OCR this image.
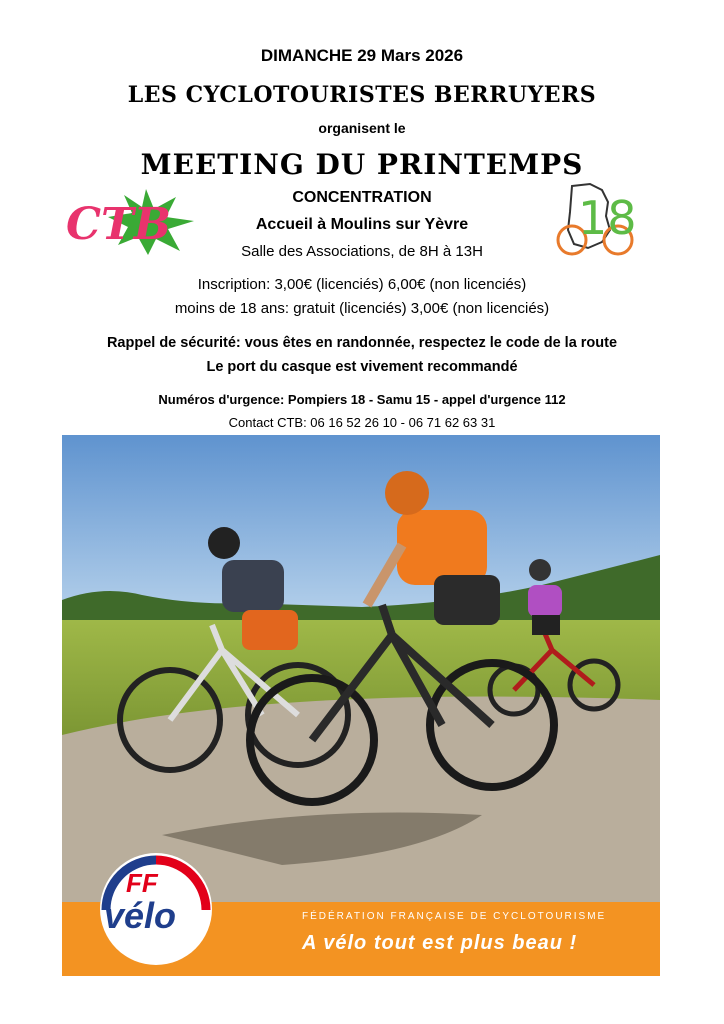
DIMANCHE 29 Mars 2026
LES CYCLOTOURISTES BERRUYERS
organisent le
MEETING DU PRINTEMPS
CTB	18
CONCENTRATION
Accueil à Moulins sur Yèvre
Salle des Associations, de 8H à 13H
Inscription: 3,00€ (licenciés) 6,00€ (non licenciés)
moins de 18 ans: gratuit (licenciés) 3,00€ (non licenciés)
Rappel de sécurité: vous êtes en randonnée, respectez le code de la route
Le port du casque est vivement recommandé
Numéros d'urgence: Pompiers 18 - Samu 15 - appel d'urgence 112
Contact CTB: 06 16 52 26 10 - 06 71 62 63 31
FÉDÉRATION FRANÇAISE DE CYCLOTOURISME
A vélo tout est plus beau !
FF
vélo
